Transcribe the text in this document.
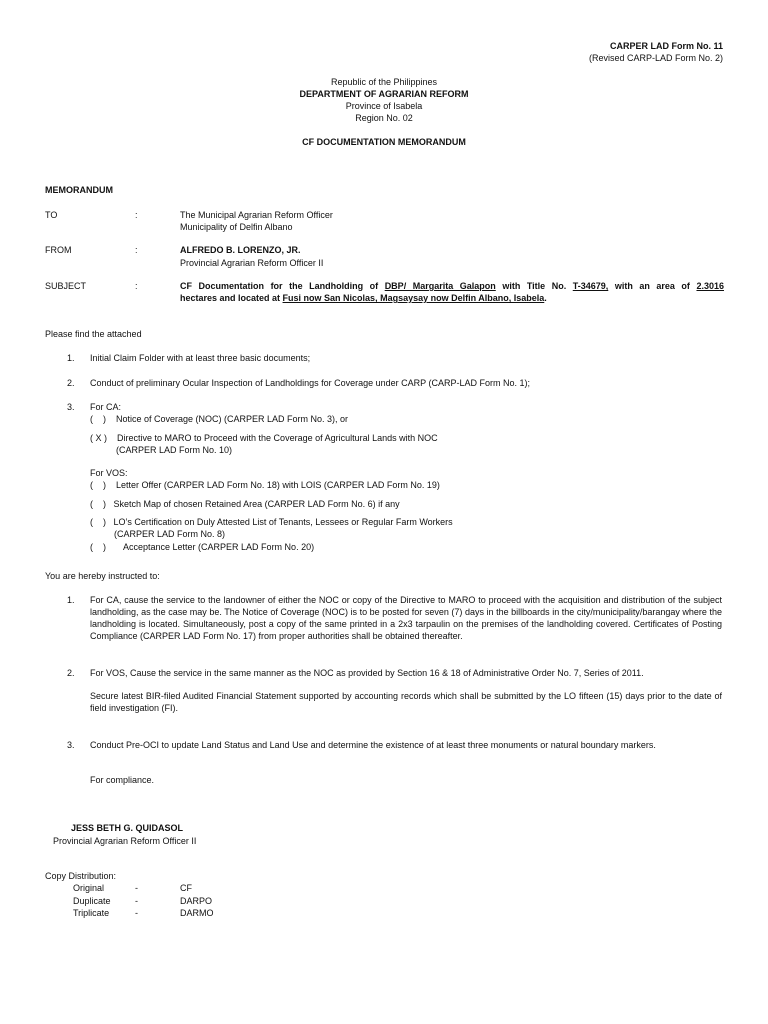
CARPER LAD Form No. 11
(Revised CARP-LAD Form No. 2)
Republic of the Philippines
DEPARTMENT OF AGRARIAN REFORM
Province of Isabela
Region No. 02
CF DOCUMENTATION MEMORANDUM
MEMORANDUM
TO	:	The Municipal Agrarian Reform Officer
Municipality of Delfin Albano
FROM	:	ALFREDO B. LORENZO, JR.
Provincial Agrarian Reform Officer II
SUBJECT	:	CF Documentation for the Landholding of DBP/ Margarita Galapon with Title No. T-34679, with an area of 2.3016
hectares and located at Fusi now San Nicolas, Magsaysay now Delfin Albano, Isabela.
Please find the attached
1. Initial Claim Folder with at least three basic documents;
2. Conduct of preliminary Ocular Inspection of Landholdings for Coverage under CARP (CARP-LAD Form No. 1);
3. For CA:
(    )    Notice of Coverage (NOC) (CARPER LAD Form No. 3), or
( X )    Directive to MARO to Proceed with the Coverage of Agricultural Lands with NOC
(CARPER LAD Form No. 10)
For VOS:
(    )    Letter Offer (CARPER LAD Form No. 18) with LOIS (CARPER LAD Form No. 19)
(    )   Sketch Map of chosen Retained Area (CARPER LAD Form No. 6) if any
(    )   LO’s Certification on Duly Attested List of Tenants, Lessees or Regular Farm Workers
(CARPER LAD Form No. 8)
(    )       Acceptance Letter (CARPER LAD Form No. 20)
You are hereby instructed to:
1. For CA, cause the service to the landowner of either the NOC or copy of the Directive to MARO to proceed with the acquisition and distribution of the subject landholding, as the case may be. The Notice of Coverage (NOC) is to be posted for seven (7) days in the billboards in the city/municipality/barangay where the landholding is located. Simultaneously, post a copy of the same printed in a 2x3 tarpaulin on the premises of the landholding covered. Certificates of Posting Compliance (CARPER LAD Form No. 17) from proper authorities shall be obtained thereafter.
2. For VOS, Cause the service in the same manner as the NOC as provided by Section 16 & 18 of Administrative Order No. 7, Series of 2011.
Secure latest BIR-filed Audited Financial Statement supported by accounting records which shall be submitted by the LO fifteen (15) days prior to the date of field investigation (FI).
3. Conduct Pre-OCI to update Land Status and Land Use and determine the existence of at least three monuments or natural boundary markers.
For compliance.
JESS BETH G. QUIDASOL
Provincial Agrarian Reform Officer II
Copy Distribution:
Original	-	CF
Duplicate	-	DARPO
Triplicate	-	DARMO
